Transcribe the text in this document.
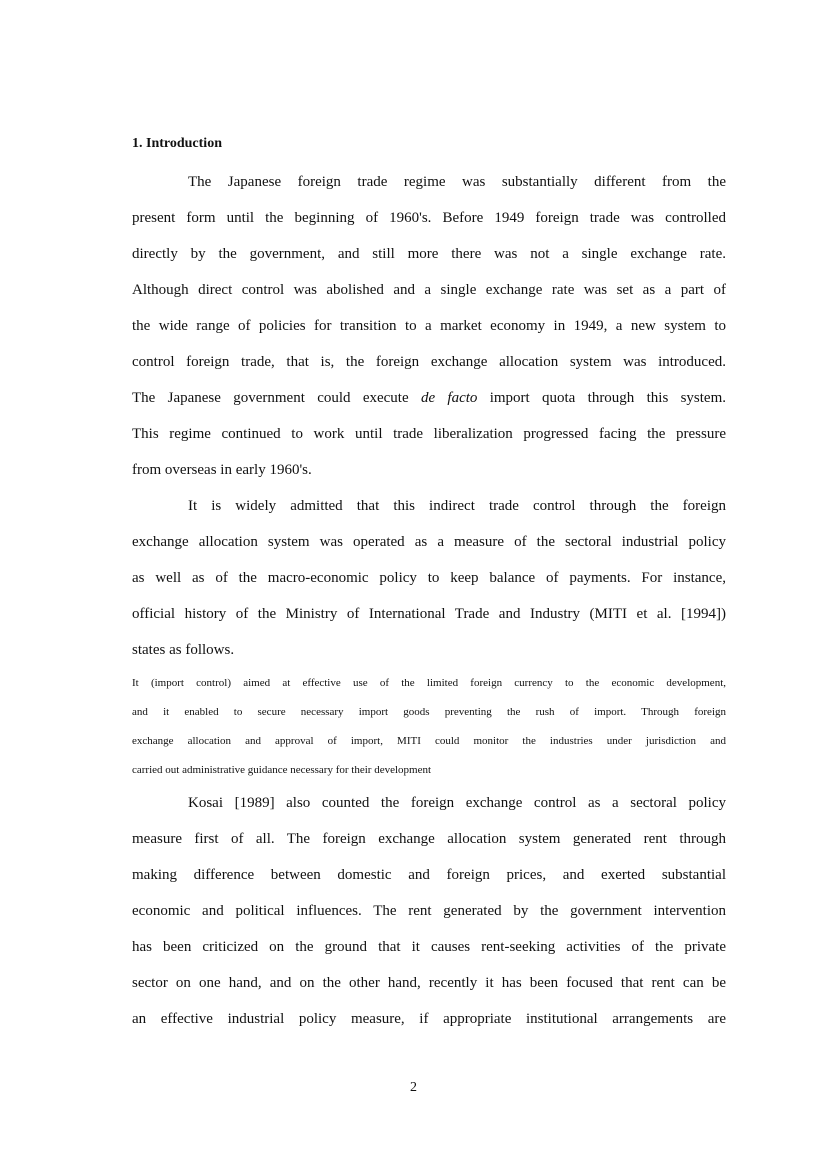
1. Introduction
The Japanese foreign trade regime was substantially different from the
present form until the beginning of 1960's. Before 1949 foreign trade was controlled
directly by the government, and still more there was not a single exchange rate.
Although direct control was abolished and a single exchange rate was set as a part of
the wide range of policies for transition to a market economy in 1949, a new system to
control foreign trade, that is, the foreign exchange allocation system was introduced.
The Japanese government could execute de facto import quota through this system.
This regime continued to work until trade liberalization progressed facing the pressure
from overseas in early 1960's.
It is widely admitted that this indirect trade control through the foreign
exchange allocation system was operated as a measure of the sectoral industrial policy
as well as of the macro-economic policy to keep balance of payments. For instance,
official history of the Ministry of International Trade and Industry (MITI et al. [1994])
states as follows.
It (import control) aimed at effective use of the limited foreign currency to the economic development,
and it enabled to secure necessary import goods preventing the rush of import. Through foreign
exchange allocation and approval of import, MITI could monitor the industries under jurisdiction and
carried out administrative guidance necessary for their development
Kosai [1989] also counted the foreign exchange control as a sectoral policy
measure first of all. The foreign exchange allocation system generated rent through
making difference between domestic and foreign prices, and exerted substantial
economic and political influences. The rent generated by the government intervention
has been criticized on the ground that it causes rent-seeking activities of the private
sector on one hand, and on the other hand, recently it has been focused that rent can be
an effective industrial policy measure, if appropriate institutional arrangements are
2
